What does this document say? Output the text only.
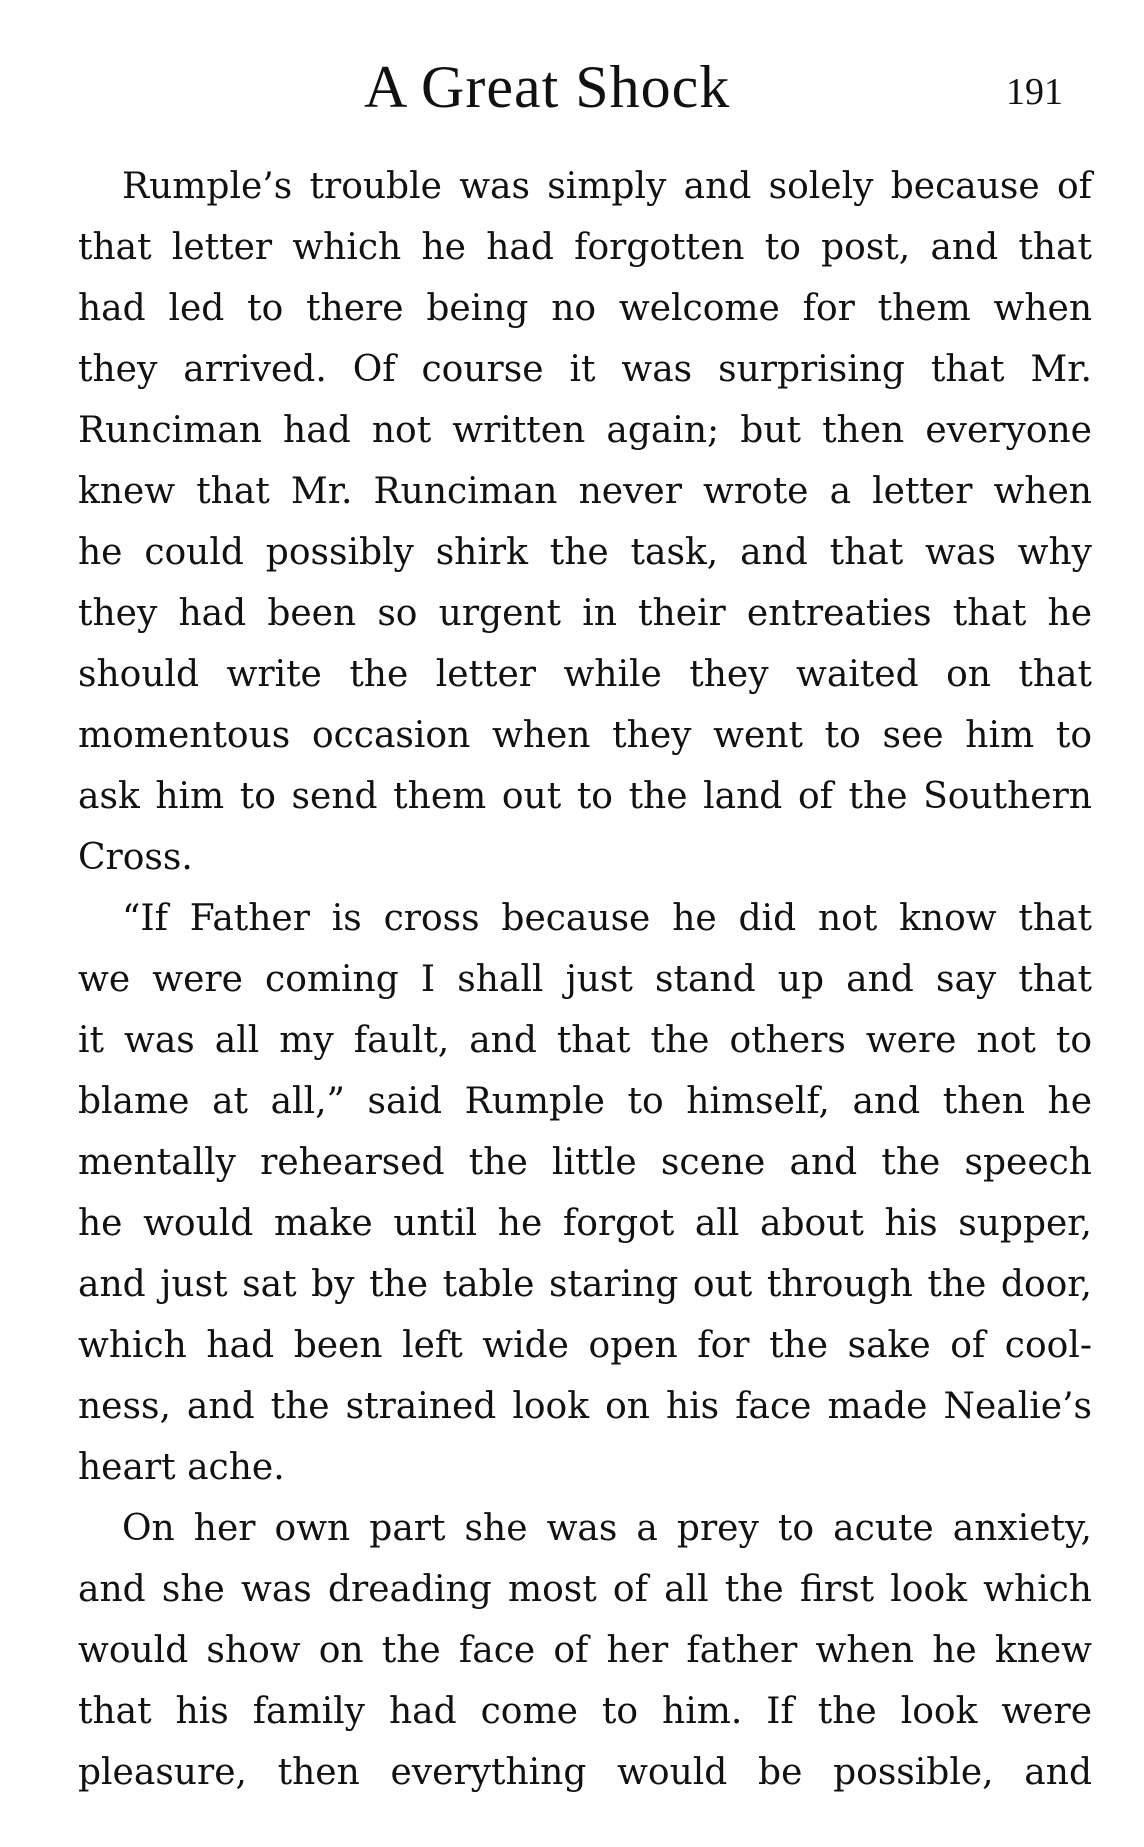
A Great Shock	191
Rumple’s trouble was simply and solely because of
that letter which he had forgotten to post, and that
had led to there being no welcome for them when
they arrived. Of course it was surprising that Mr.
Runciman had not written again; but then everyone
knew that Mr. Runciman never wrote a letter when
he could possibly shirk the task, and that was why
they had been so urgent in their entreaties that he
should write the letter while they waited on that
momentous occasion when they went to see him to
ask him to send them out to the land of the Southern
Cross.
“If Father is cross because he did not know that
we were coming I shall just stand up and say that
it was all my fault, and that the others were not to
blame at all,” said Rumple to himself, and then he
mentally rehearsed the little scene and the speech
he would make until he forgot all about his supper,
and just sat by the table staring out through the door,
which had been left wide open for the sake of cool-
ness, and the strained look on his face made Nealie’s
heart ache.
On her own part she was a prey to acute anxiety,
and she was dreading most of all the first look which
would show on the face of her father when he knew
that his family had come to him. If the look were
pleasure, then everything would be possible, and
